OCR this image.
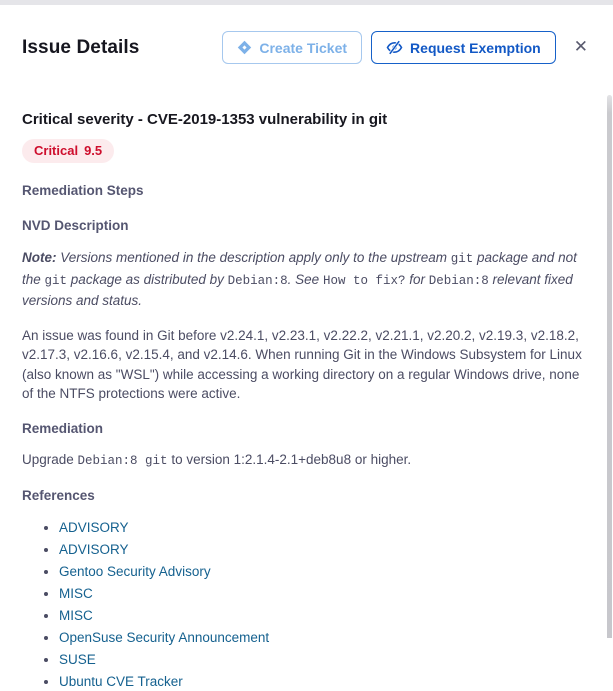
Issue Details	Create Ticket	Request Exemption ✕
Critical severity - CVE-2019-1353 vulnerability in git
Critical 9.5
Remediation Steps
NVD Description

Note: Versions mentioned in the description apply only to the upstream git package and not the git package as distributed by Debian:8. See How to fix? for Debian:8 relevant fixed versions and status.

An issue was found in Git before v2.24.1, v2.23.1, v2.22.2, v2.21.1, v2.20.2, v2.19.3, v2.18.2, v2.17.3, v2.16.6, v2.15.4, and v2.14.6. When running Git in the Windows Subsystem for Linux (also known as "WSL") while accessing a working directory on a regular Windows drive, none of the NTFS protections were active.

Remediation

Upgrade Debian:8 git to version 1:2.1.4-2.1+deb8u8 or higher.

References
• ADVISORY
• ADVISORY
• Gentoo Security Advisory
• MISC
• MISC
• OpenSuse Security Announcement
• SUSE
• Ubuntu CVE Tracker
